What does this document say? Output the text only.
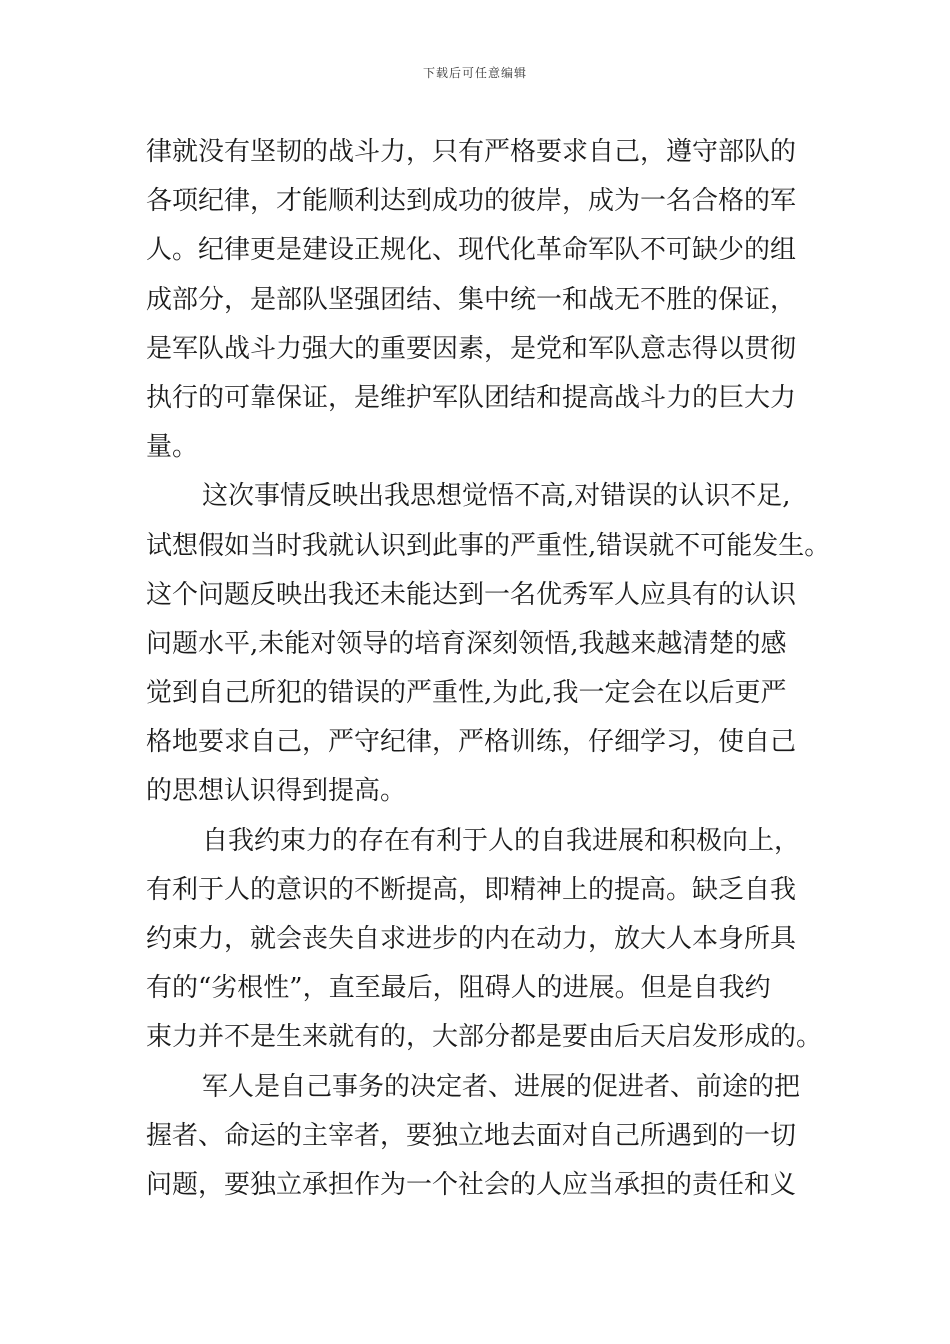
下载后可任意编辑
律就没有坚韧的战斗力，只有严格要求自己，遵守部队的
各项纪律，才能顺利达到成功的彼岸，成为一名合格的军
人。纪律更是建设正规化、现代化革命军队不可缺少的组
成部分，是部队坚强团结、集中统一和战无不胜的保证，
是军队战斗力强大的重要因素，是党和军队意志得以贯彻
执行的可靠保证，是维护军队团结和提高战斗力的巨大力
量。
这次事情反映出我思想觉悟不高,对错误的认识不足,
试想假如当时我就认识到此事的严重性,错误就不可能发生。
这个问题反映出我还未能达到一名优秀军人应具有的认识
问题水平,未能对领导的培育深刻领悟,我越来越清楚的感
觉到自己所犯的错误的严重性,为此,我一定会在以后更严
格地要求自己，严守纪律，严格训练，仔细学习，使自己
的思想认识得到提高。
自我约束力的存在有利于人的自我进展和积极向上，
有利于人的意识的不断提高，即精神上的提高。缺乏自我
约束力，就会丧失自求进步的内在动力，放大人本身所具
有的“劣根性”，直至最后，阻碍人的进展。但是自我约
束力并不是生来就有的，大部分都是要由后天启发形成的。
军人是自己事务的决定者、进展的促进者、前途的把
握者、命运的主宰者，要独立地去面对自己所遇到的一切
问题，要独立承担作为一个社会的人应当承担的责任和义
